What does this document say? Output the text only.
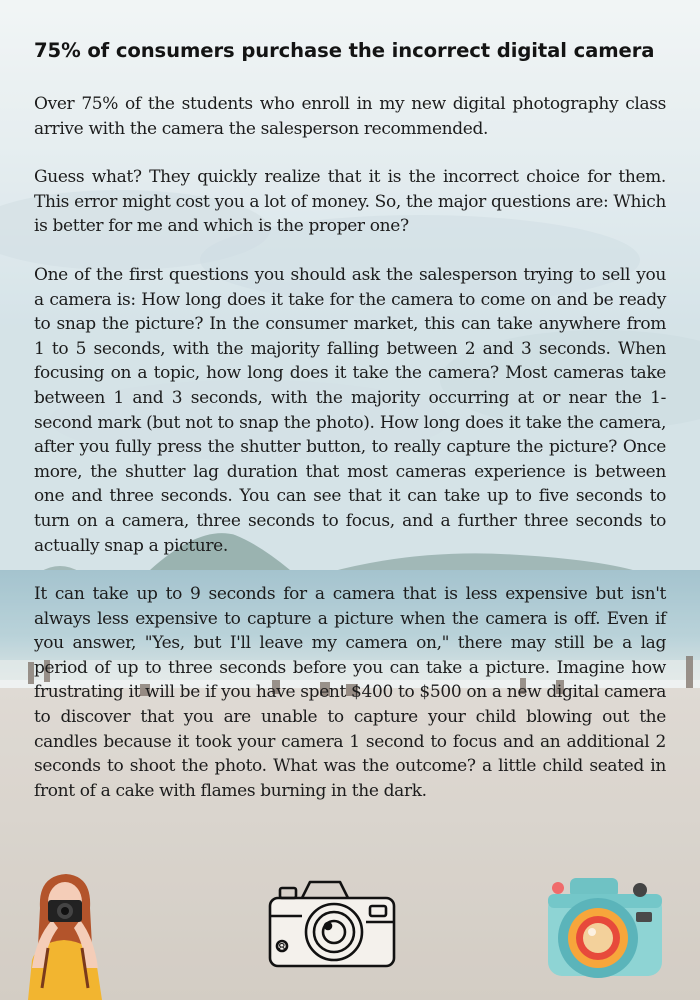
75% of consumers purchase the incorrect digital camera

Over 75% of the students who enroll in my new digital photography class arrive with the camera the salesperson recommended.

Guess what? They quickly realize that it is the incorrect choice for them. This error might cost you a lot of money. So, the major questions are: Which is better for me and which is the proper one?

One of the first questions you should ask the salesperson trying to sell you a camera is: How long does it take for the camera to come on and be ready to snap the picture? In the consumer market, this can take anywhere from 1 to 5 seconds, with the majority falling between 2 and 3 seconds. When focusing on a topic, how long does it take the camera? Most cameras take between 1 and 3 seconds, with the majority occurring at or near the 1-second mark (but not to snap the photo). How long does it take the camera, after you fully press the shutter button, to really capture the picture? Once more, the shutter lag duration that most cameras experience is between one and three seconds. You can see that it can take up to five seconds to turn on a camera, three seconds to focus, and a further three seconds to actually snap a picture.

It can take up to 9 seconds for a camera that is less expensive but isn't always less expensive to capture a picture when the camera is off. Even if you answer, "Yes, but I'll leave my camera on," there may still be a lag period of up to three seconds before you can take a picture. Imagine how frustrating it will be if you have spent $400 to $500 on a new digital camera to discover that you are unable to capture your child blowing out the candles because it took your camera 1 second to focus and an additional 2 seconds to shoot the photo. What was the outcome? a little child seated in front of a cake with flames burning in the dark.

8
